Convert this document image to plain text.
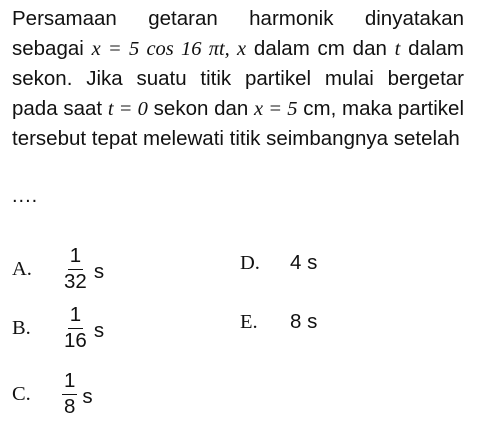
Persamaan getaran harmonik dinyatakan sebagai x = 5 cos 16 πt, x dalam cm dan t dalam sekon. Jika suatu titik partikel mulai bergetar pada saat t = 0 sekon dan x = 5 cm, maka partikel tersebut tepat melewati titik seimbangnya setelah

....
A.	$\frac{1}{32}$ s	D.	4 s
B.	$\frac{1}{16}$ s	E.	8 s
C.	$\frac{1}{8}$ s
